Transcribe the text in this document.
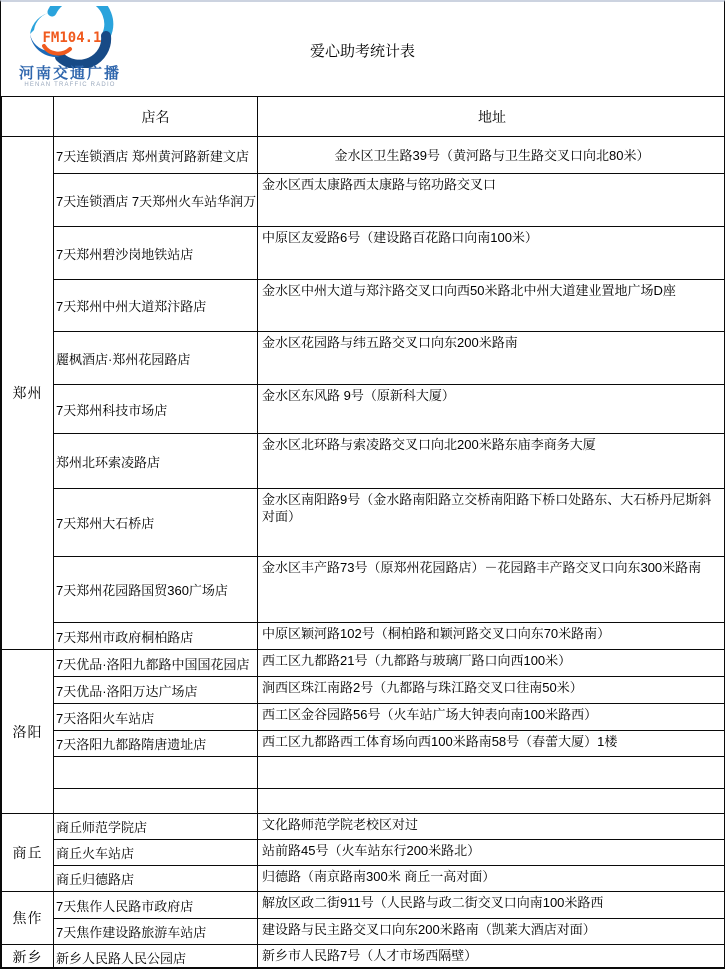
FM104.1
河南交通广播
HENAN TRAFFIC RADIO
爱心助考统计表
	店名	地址
郑州	7天连锁酒店 郑州黄河路新建文店	金水区卫生路39号（黄河路与卫生路交叉口向北80米）
	7天连锁酒店 7天郑州火车站华润万	金水区西太康路西太康路与铭功路交叉口
	7天郑州碧沙岗地铁站店	中原区友爱路6号（建设路百花路口向南100米）
	7天郑州中州大道郑汴路店	金水区中州大道与郑汴路交叉口向西50米路北中州大道建业置地广场D座
	麗枫酒店·郑州花园路店	金水区花园路与纬五路交叉口向东200米路南
	7天郑州科技市场店	金水区东风路 9号（原新科大厦）
	郑州北环索凌路店	金水区北环路与索凌路交叉口向北200米路东庙李商务大厦
	7天郑州大石桥店	金水区南阳路9号（金水路南阳路立交桥南阳路下桥口处路东、大石桥丹尼斯斜对面）
	7天郑州花园路国贸360广场店	金水区丰产路73号（原郑州花园路店）－花园路丰产路交叉口向东300米路南
	7天郑州市政府桐柏路店	中原区颖河路102号（桐柏路和颖河路交叉口向东70米路南）
洛阳	7天优品·洛阳九都路中国国花园店	西工区九都路21号（九都路与玻璃厂路口向西100米）
	7天优品·洛阳万达广场店	涧西区珠江南路2号（九都路与珠江路交叉口往南50米）
	7天洛阳火车站店	西工区金谷园路56号（火车站广场大钟表向南100米路西）
	7天洛阳九都路隋唐遗址店	西工区九都路西工体育场向西100米路南58号（春蕾大厦）1楼

商丘	商丘师范学院店	文化路师范学院老校区对过
	商丘火车站店	站前路45号（火车站东行200米路北）
	商丘归德路店	归德路（南京路南300米 商丘一高对面）
焦作	7天焦作人民路市政府店	解放区政二街911号（人民路与政二街交叉口向南100米路西
	7天焦作建设路旅游车站店	建设路与民主路交叉口向东200米路南（凯莱大酒店对面）
新乡	新乡人民路人民公园店	新乡市人民路7号（人才市场西隔壁）
